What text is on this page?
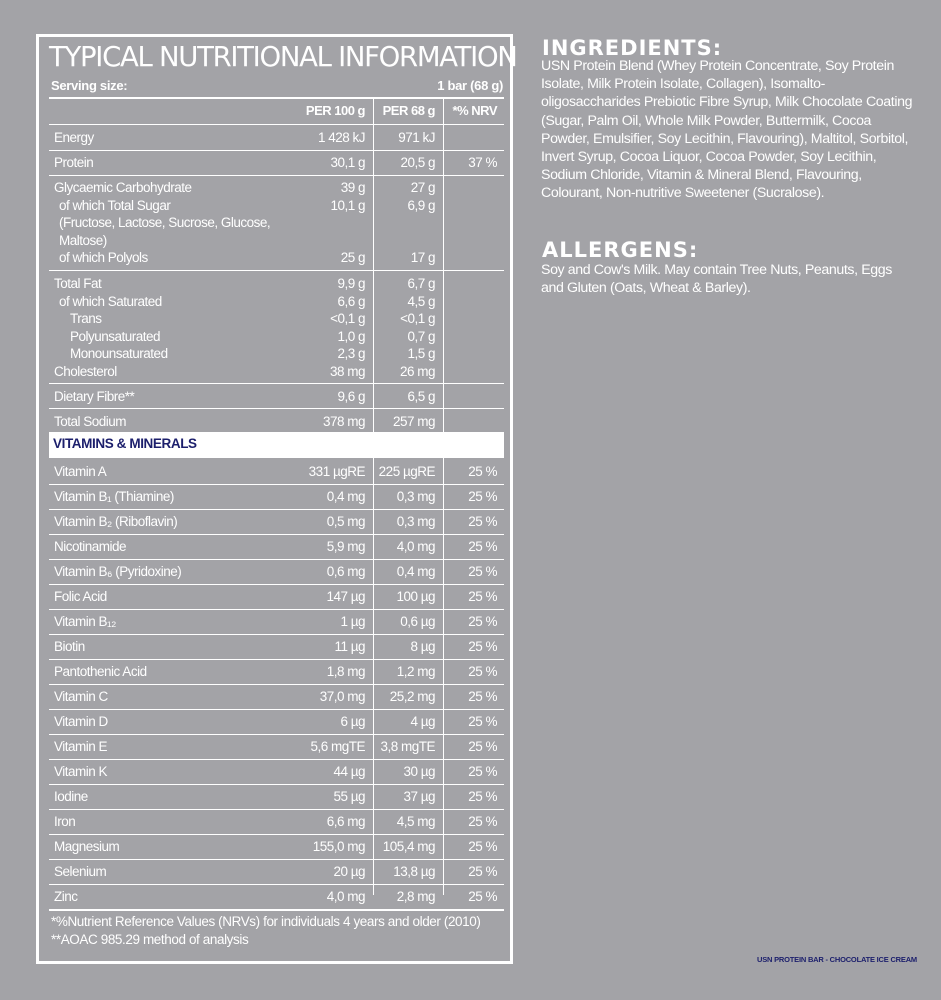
TYPICAL NUTRITIONAL INFORMATION
Serving size:	1 bar (68 g)
PER 100 g PER 68 g *% NRV
Energy	1 428 kJ 971 kJ
Protein	30,1 g	20,5 g 37 %
Glycaemic Carbohydrate	39 g	27 g
of which Total Sugar	10,1 g	6,9 g
(Fructose, Lactose, Sucrose, Glucose,
Maltose)
of which Polyols	25 g	17 g
Total Fat	9,9 g	6,7 g
of which Saturated	6,6 g	4,5 g
Trans	<0,1 g	<0,1 g
Polyunsaturated	1,0 g	0,7 g
Monounsaturated	2,3 g	1,5 g
Cholesterol	38 mg	26 mg
Dietary Fibre**	9,6 g	6,5 g
Total Sodium	378 mg 257 mg
VITAMINS & MINERALS
Vitamin A	331 µgRE 225 µgRE 25 %
Vitamin B₁ (Thiamine)	0,4 mg 0,3 mg 25 %
Vitamin B₂ (Riboflavin)	0,5 mg 0,3 mg 25 %
Nicotinamide	5,9 mg 4,0 mg 25 %
Vitamin B₆ (Pyridoxine)	0,6 mg 0,4 mg 25 %
Folic Acid	147 µg 100 µg 25 %
Vitamin B₁₂	1 µg	0,6 µg 25 %
Biotin	11 µg	8 µg 25 %
Pantothenic Acid	1,8 mg 1,2 mg 25 %
Vitamin C	37,0 mg 25,2 mg 25 %
Vitamin D	6 µg	4 µg 25 %
Vitamin E	5,6 mgTE 3,8 mgTE 25 %
Vitamin K	44 µg	30 µg 25 %
Iodine	55 µg	37 µg 25 %
Iron	6,6 mg 4,5 mg 25 %
Magnesium	155,0 mg 105,4 mg 25 %
Selenium	20 µg 13,8 µg 25 %
Zinc	4,0 mg 2,8 mg 25 %
*%Nutrient Reference Values (NRVs) for individuals 4 years and older (2010)
**AOAC 985.29 method of analysis
INGREDIENTS:
USN Protein Blend (Whey Protein Concentrate, Soy Protein Isolate, Milk Protein Isolate, Collagen), Isomalto-oligosaccharides Prebiotic Fibre Syrup, Milk Chocolate Coating (Sugar, Palm Oil, Whole Milk Powder, Buttermilk, Cocoa Powder, Emulsifier, Soy Lecithin, Flavouring), Maltitol, Sorbitol, Invert Syrup, Cocoa Liquor, Cocoa Powder, Soy Lecithin, Sodium Chloride, Vitamin & Mineral Blend, Flavouring, Colourant, Non-nutritive Sweetener (Sucralose).
ALLERGENS:
Soy and Cow's Milk. May contain Tree Nuts, Peanuts, Eggs and Gluten (Oats, Wheat & Barley).
USN PROTEIN BAR - CHOCOLATE ICE CREAM
